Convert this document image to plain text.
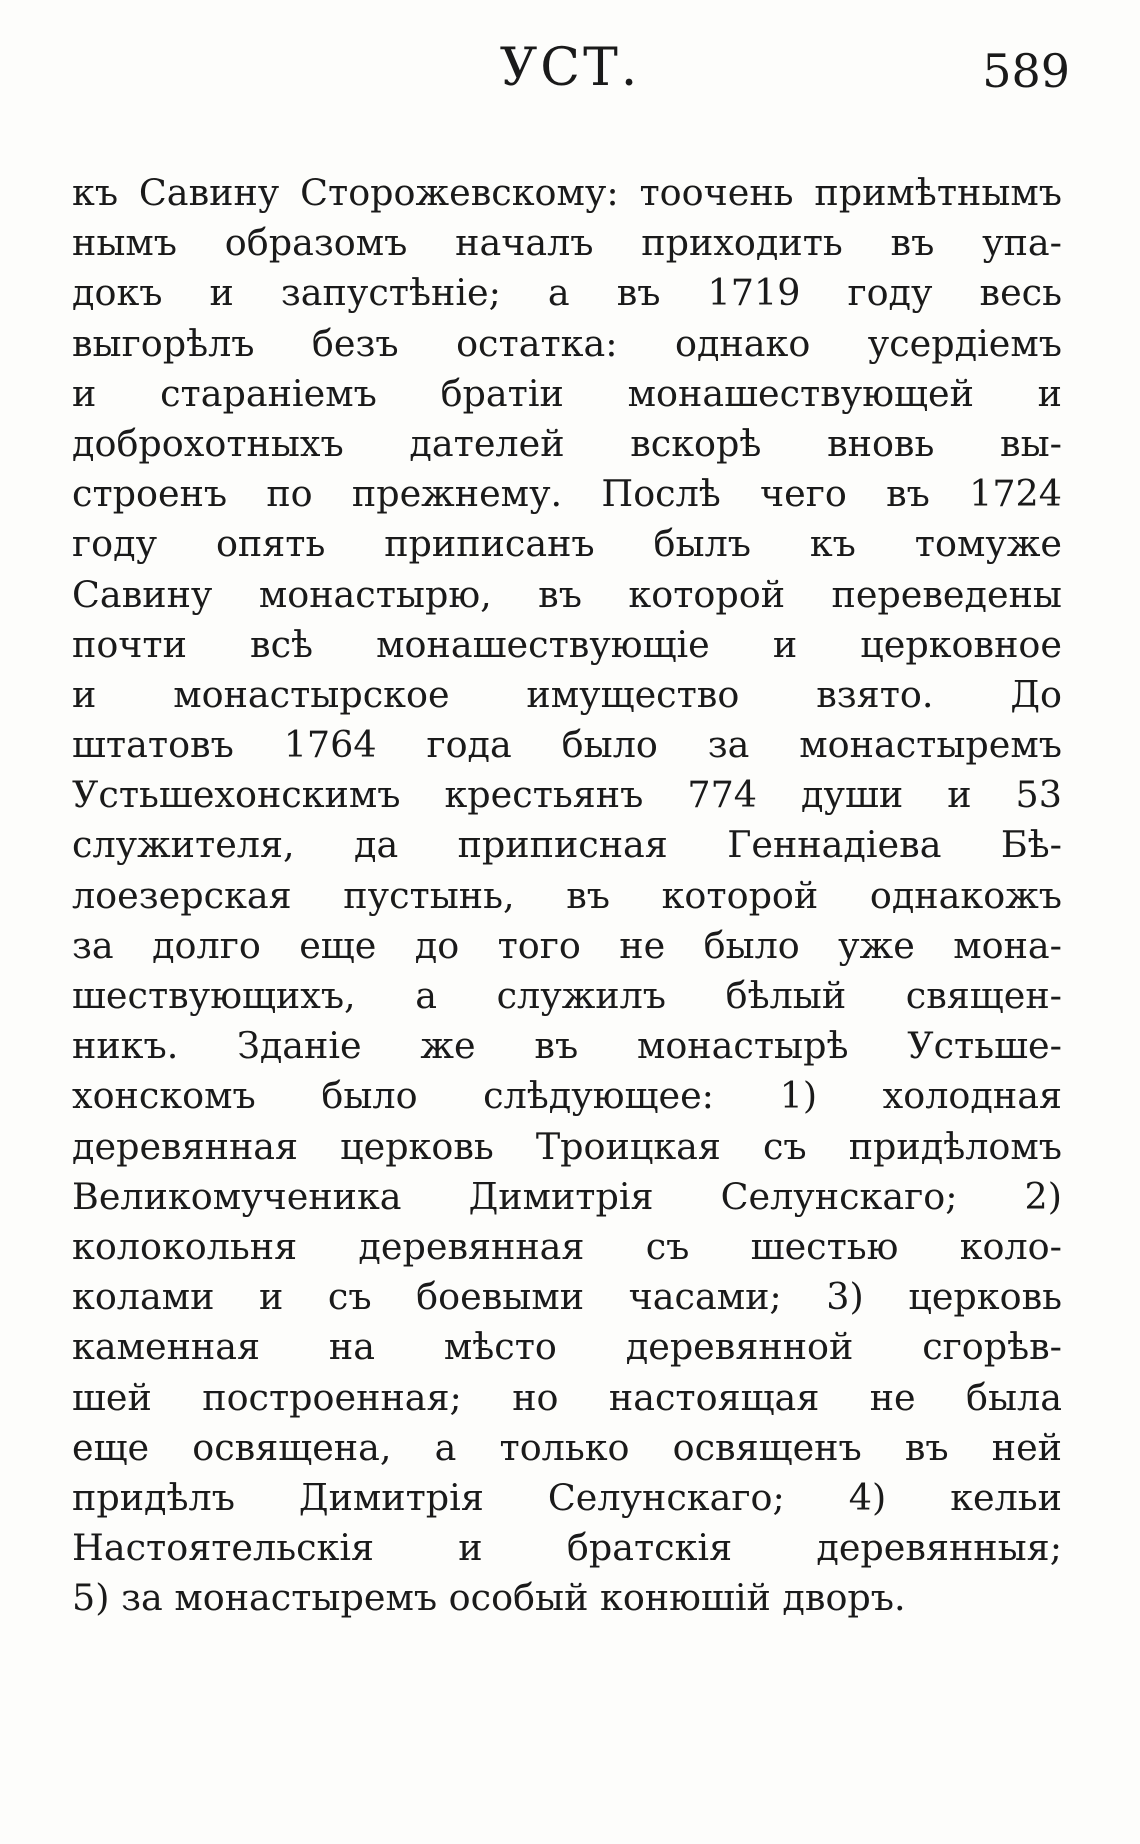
УСТ.	589
къ Савину Сторожевскому: тоочень примѣтнымъ
нымъ образомъ началъ приходить въ упа-
докъ и запустѣніе; а въ 1719 году весь
выгорѣлъ безъ остатка: однако усердіемъ
и стараніемъ братіи монашествующей и
доброхотныхъ дателей вскорѣ вновь вы-
строенъ по прежнему. Послѣ чего въ 1724
году опять приписанъ былъ къ томуже
Савину монастырю, въ которой переведены
почти всѣ монашествующіе и церковное
и монастырское имущество взято. До
штатовъ 1764 года было за монастыремъ
Устьшехонскимъ крестьянъ 774 души и 53
служителя, да приписная Геннадіева Бѣ-
лоезерская пустынь, въ которой однакожъ
за долго еще до того не было уже мона-
шествующихъ, а служилъ бѣлый священ-
никъ. Зданіе же въ монастырѣ Устьше-
хонскомъ было слѣдующее: 1) холодная
деревянная церковь Троицкая съ придѣломъ
Великомученика Димитрія Селунскаго; 2)
колокольня деревянная съ шестью коло-
колами и съ боевыми часами; 3) церковь
каменная на мѣсто деревянной сгорѣв-
шей построенная; но настоящая не была
еще освящена, а только освященъ въ ней
придѣлъ Димитрія Селунскаго; 4) кельи
Настоятельскія и братскія деревянныя;
5) за монастыремъ особый конюшій дворъ.
